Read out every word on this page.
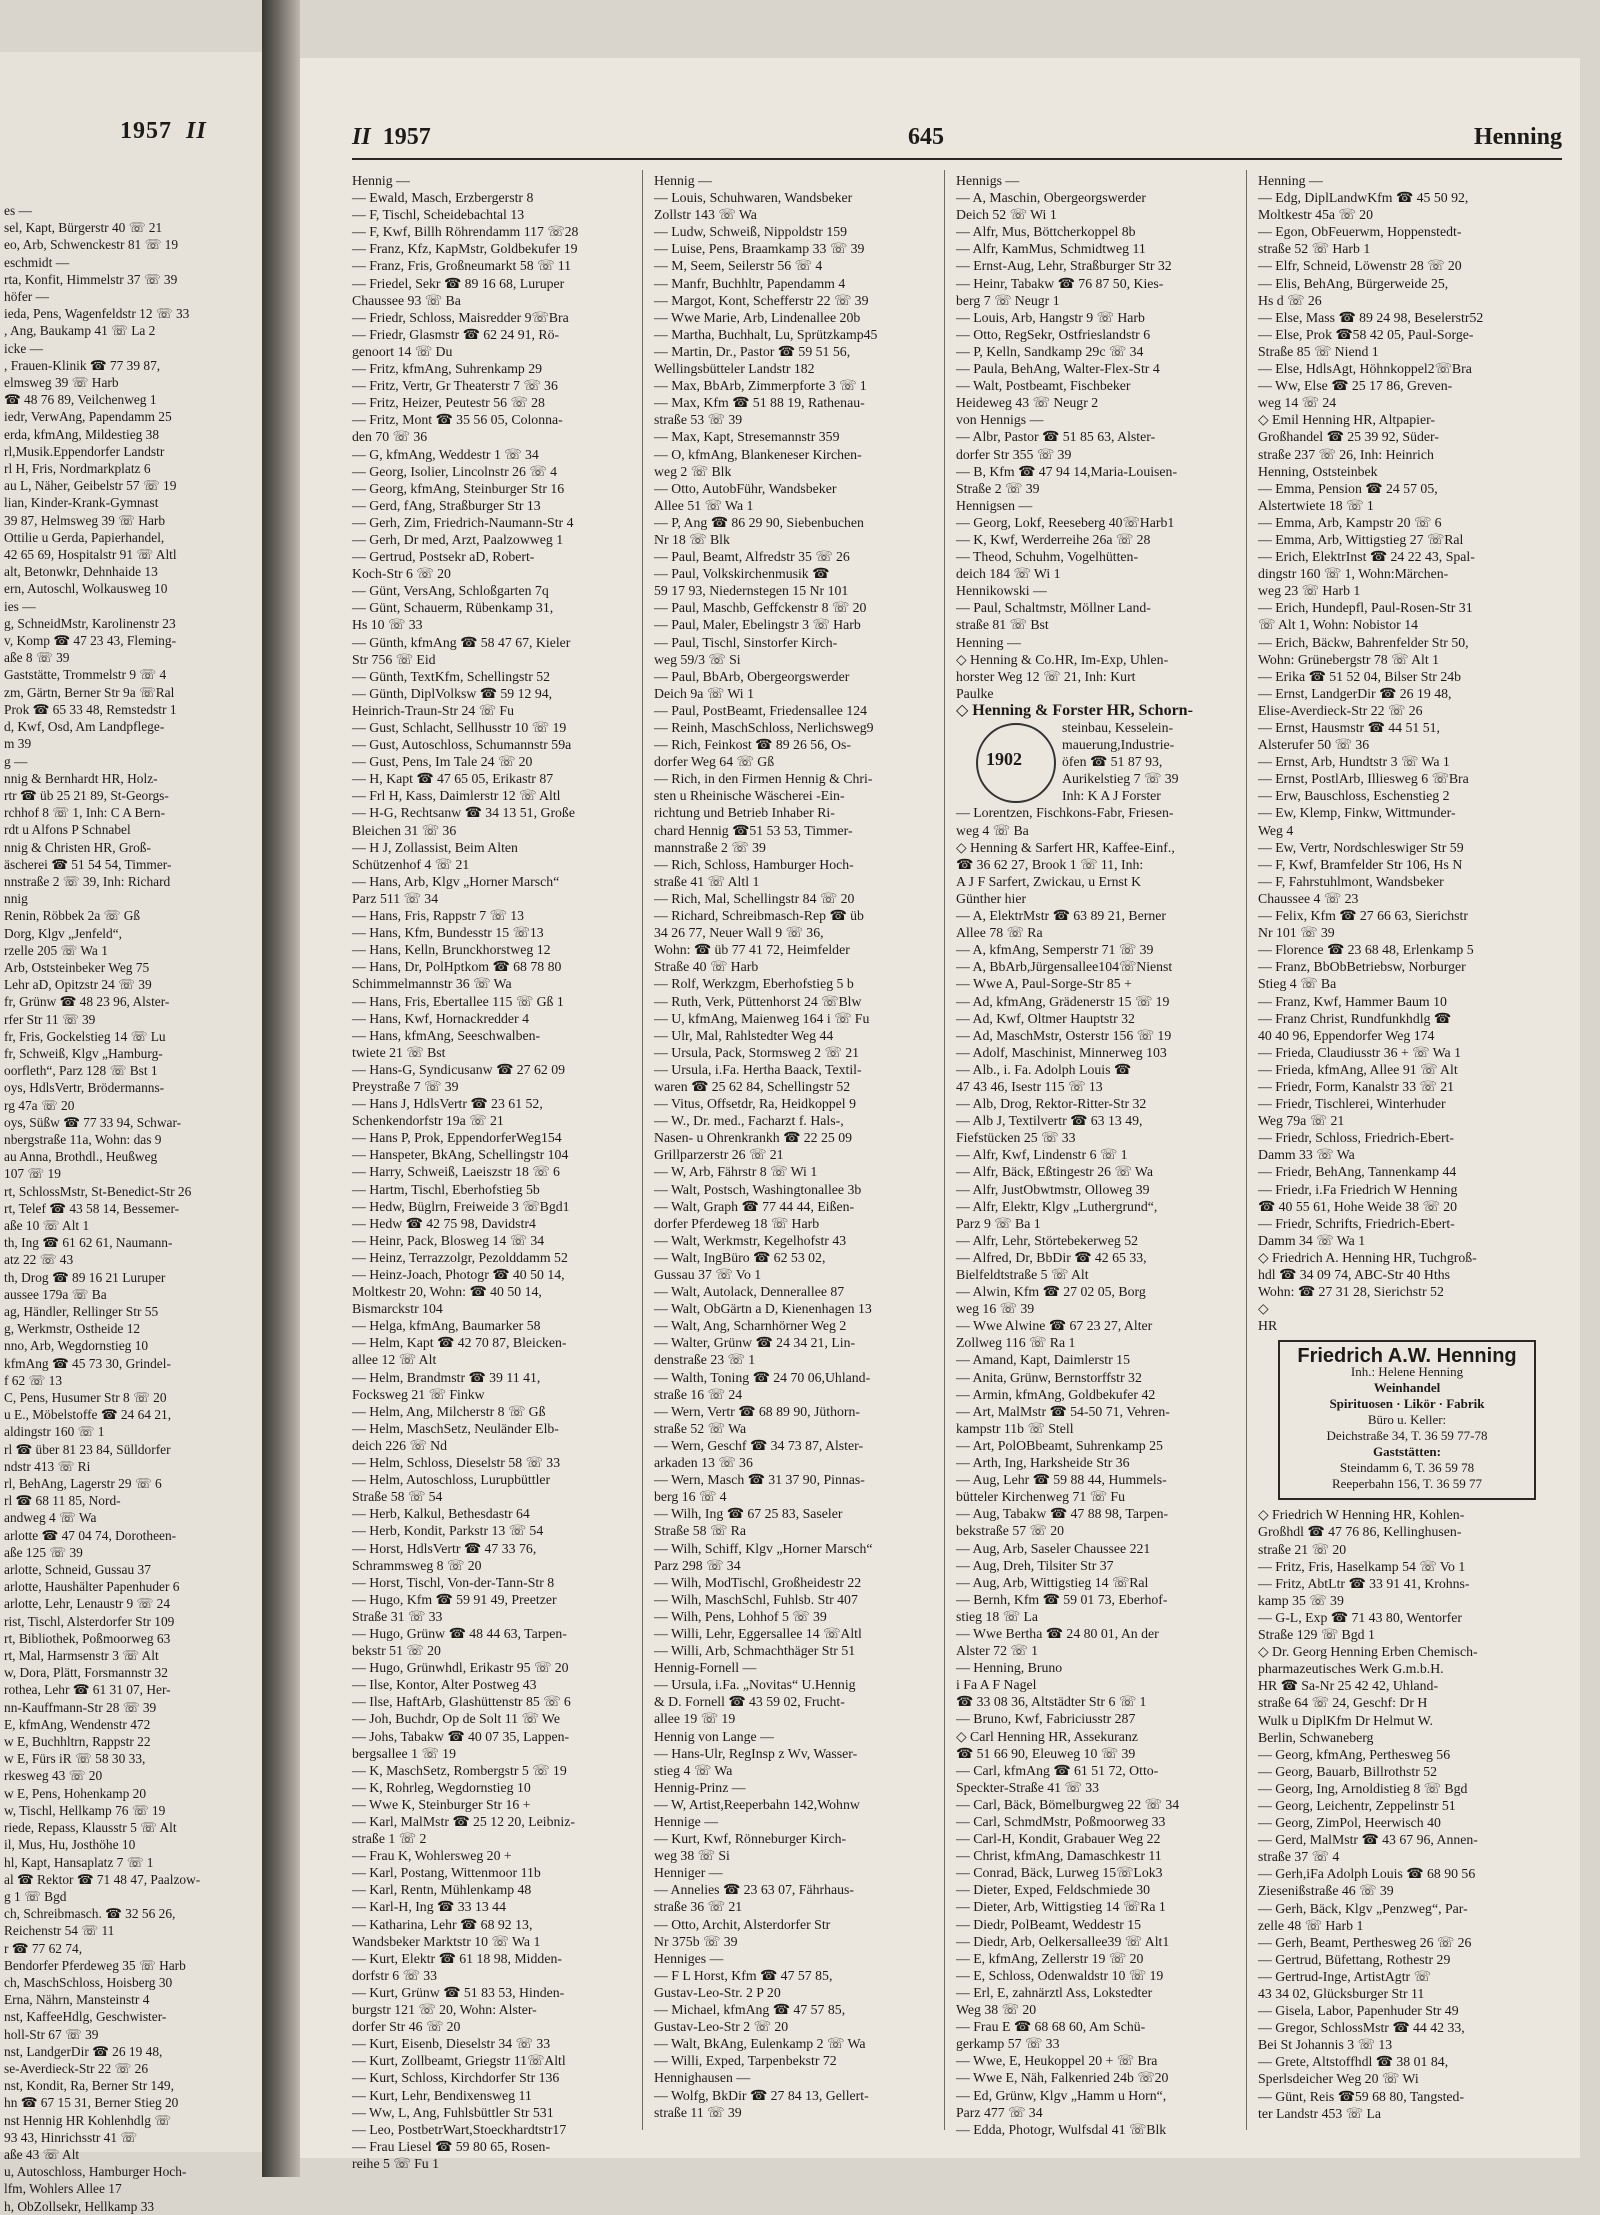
1957 II
es —
sel, Kapt, Bürgerstr 40 ☏ 21
eo, Arb, Schwenckestr 81 ☏ 19
eschmidt —
rta, Konfit, Himmelstr 37 ☏ 39
höfer —
ieda, Pens, Wagenfeldstr 12 ☏ 33
, Ang, Baukamp 41 ☏ La 2
icke —
, Frauen-Klinik ☎ 77 39 87,
elmsweg 39 ☏ Harb
☎ 48 76 89, Veilchenweg 1
iedr, VerwAng, Papendamm 25
erda, kfmAng, Mildestieg 38
rl,Musik.Eppendorfer Landstr
rl H, Fris, Nordmarkplatz 6
au L, Näher, Geibelstr 57 ☏ 19
lian, Kinder-Krank-Gymnast
39 87, Helmsweg 39 ☏ Harb
Ottilie u Gerda, Papierhandel,
42 65 69, Hospitalstr 91 ☏ Altl
alt, Betonwkr, Dehnhaide 13
ern, Autoschl, Wolkausweg 10
ies —
g, SchneidMstr, Karolinenstr 23
v, Komp ☎ 47 23 43, Fleming-
aße 8 ☏ 39
Gaststätte, Trommelstr 9 ☏ 4
zm, Gärtn, Berner Str 9a ☏Ral
Prok ☎ 65 33 48, Remstedstr 1
d, Kwf, Osd, Am Landpflege-
m 39
g —
nnig & Bernhardt HR, Holz-
rtr ☎ üb 25 21 89, St-Georgs-
rchhof 8 ☏ 1, Inh: C A Bern-
rdt u Alfons P Schnabel
nnig & Christen HR, Groß-
äscherei ☎ 51 54 54, Timmer-
nnstraße 2 ☏ 39, Inh: Richard
nnig
Renin, Röbbek 2a ☏ Gß
Dorg, Klgv „Jenfeld“,
rzelle 205 ☏ Wa 1
Arb, Oststeinbeker Weg 75
Lehr aD, Opitzstr 24 ☏ 39
fr, Grünw ☎ 48 23 96, Alster-
rfer Str 11 ☏ 39
fr, Fris, Gockelstieg 14 ☏ Lu
fr, Schweiß, Klgv „Hamburg-
oorfleth“, Parz 128 ☏ Bst 1
oys, HdlsVertr, Brödermanns-
rg 47a ☏ 20
oys, Süßw ☎ 77 33 94, Schwar-
nbergstraße 11a, Wohn: das 9
au Anna, Brothdl., Heußweg
107 ☏ 19
rt, SchlossMstr, St-Benedict-Str 26
rt, Telef ☎ 43 58 14, Bessemer-
aße 10 ☏ Alt 1
th, Ing ☎ 61 62 61, Naumann-
atz 22 ☏ 43
th, Drog ☎ 89 16 21 Luruper
aussee 179a ☏ Ba
ag, Händler, Rellinger Str 55
g, Werkmstr, Ostheide 12
nno, Arb, Wegdornstieg 10
kfmAng ☎ 45 73 30, Grindel-
f 62 ☏ 13
C, Pens, Husumer Str 8 ☏ 20
u E., Möbelstoffe ☎ 24 64 21,
aldingstr 160 ☏ 1
rl ☎ über 81 23 84, Sülldorfer
ndstr 413 ☏ Ri
rl, BehAng, Lagerstr 29 ☏ 6
rl ☎ 68 11 85, Nord-
andweg 4 ☏ Wa
arlotte ☎ 47 04 74, Dorotheen-
aße 125 ☏ 39
arlotte, Schneid, Gussau 37
arlotte, Haushälter Papenhuder 6
arlotte, Lehr, Lenaustr 9 ☏ 24
rist, Tischl, Alsterdorfer Str 109
rt, Bibliothek, Poßmoorweg 63
rt, Mal, Harmsenstr 3 ☏ Alt
w, Dora, Plätt, Forsmannstr 32
rothea, Lehr ☎ 61 31 07, Her-
nn-Kauffmann-Str 28 ☏ 39
E, kfmAng, Wendenstr 472
w E, Buchhltrn, Rappstr 22
w E, Fürs iR ☏ 58 30 33,
rkesweg 43 ☏ 20
w E, Pens, Hohenkamp 20
w, Tischl, Hellkamp 76 ☏ 19
riede, Repass, Klausstr 5 ☏ Alt
il, Mus, Hu, Josthöhe 10
hl, Kapt, Hansaplatz 7 ☏ 1
al ☎ Rektor ☎ 71 48 47, Paalzow-
g 1 ☏ Bgd
ch, Schreibmasch. ☎ 32 56 26,
Reichenstr 54 ☏ 11
r ☎ 77 62 74,
Bendorfer Pferdeweg 35 ☏ Harb
ch, MaschSchloss, Hoisberg 30
Erna, Nährn, Mansteinstr 4
nst, KaffeeHdlg, Geschwister-
holl-Str 67 ☏ 39
nst, LandgerDir ☎ 26 19 48,
se-Averdieck-Str 22 ☏ 26
nst, Kondit, Ra, Berner Str 149,
hn ☎ 67 15 31, Berner Stieg 20
nst Hennig HR Kohlenhdlg ☏
93 43, Hinrichsstr 41 ☏
aße 43 ☏ Alt
u, Autoschloss, Hamburger Hoch-
lfm, Wohlers Allee 17
h, ObZollsekr, Hellkamp 33
II 1957	645	Henning
Hennig —
— Ewald, Masch, Erzbergerstr 8
— F, Tischl, Scheidebachtal 13
— F, Kwf, Billh Röhrendamm 117 ☏28
— Franz, Kfz, KapMstr, Goldbekufer 19
— Franz, Fris, Großneumarkt 58 ☏ 11
— Friedel, Sekr ☎ 89 16 68, Luruper
Chaussee 93 ☏ Ba
— Friedr, Schloss, Maisredder 9☏Bra
— Friedr, Glasmstr ☎ 62 24 91, Rö-
genoort 14 ☏ Du
— Fritz, kfmAng, Suhrenkamp 29
— Fritz, Vertr, Gr Theaterstr 7 ☏ 36
— Fritz, Heizer, Peutestr 56 ☏ 28
— Fritz, Mont ☎ 35 56 05, Colonna-
den 70 ☏ 36
— G, kfmAng, Weddestr 1 ☏ 34
— Georg, Isolier, Lincolnstr 26 ☏ 4
— Georg, kfmAng, Steinburger Str 16
— Gerd, fAng, Straßburger Str 13
— Gerh, Zim, Friedrich-Naumann-Str 4
— Gerh, Dr med, Arzt, Paalzowweg 1
— Gertrud, Postsekr aD, Robert-
Koch-Str 6 ☏ 20
— Günt, VersAng, Schloßgarten 7q
— Günt, Schauerm, Rübenkamp 31,
Hs 10 ☏ 33
— Günth, kfmAng ☎ 58 47 67, Kieler
Str 756 ☏ Eid
— Günth, TextKfm, Schellingstr 52
— Günth, DiplVolksw ☎ 59 12 94,
Heinrich-Traun-Str 24 ☏ Fu
— Gust, Schlacht, Sellhusstr 10 ☏ 19
— Gust, Autoschloss, Schumannstr 59a
— Gust, Pens, Im Tale 24 ☏ 20
— H, Kapt ☎ 47 65 05, Erikastr 87
— Frl H, Kass, Daimlerstr 12 ☏ Altl
— H-G, Rechtsanw ☎ 34 13 51, Große
Bleichen 31 ☏ 36
— H J, Zollassist, Beim Alten
Schützenhof 4 ☏ 21
— Hans, Arb, Klgv „Horner Marsch“
Parz 511 ☏ 34
— Hans, Fris, Rappstr 7 ☏ 13
— Hans, Kfm, Bundesstr 15 ☏13
— Hans, Kelln, Brunckhorstweg 12
— Hans, Dr, PolHptkom ☎ 68 78 80
Schimmelmannstr 36 ☏ Wa
— Hans, Fris, Ebertallee 115 ☏ Gß 1
— Hans, Kwf, Hornackredder 4
— Hans, kfmAng, Seeschwalben-
twiete 21 ☏ Bst
— Hans-G, Syndicusanw ☎ 27 62 09
Preystraße 7 ☏ 39
— Hans J, HdlsVertr ☎ 23 61 52,
Schenkendorfstr 19a ☏ 21
— Hans P, Prok, EppendorferWeg154
— Hanspeter, BkAng, Schellingstr 104
— Harry, Schweiß, Laeiszstr 18 ☏ 6
— Hartm, Tischl, Eberhofstieg 5b
— Hedw, Büglrn, Freiweide 3 ☏Bgd1
— Hedw ☎ 42 75 98, Davidstr4
— Heinr, Pack, Blosweg 14 ☏ 34
— Heinz, Terrazzolgr, Pezolddamm 52
— Heinz-Joach, Photogr ☎ 40 50 14,
Moltkestr 20, Wohn: ☎ 40 50 14,
Bismarckstr 104
— Helga, kfmAng, Baumarker 58
— Helm, Kapt ☎ 42 70 87, Bleicken-
allee 12 ☏ Alt
— Helm, Brandmstr ☎ 39 11 41,
Focksweg 21 ☏ Finkw
— Helm, Ang, Milcherstr 8 ☏ Gß
— Helm, MaschSetz, Neuländer Elb-
deich 226 ☏ Nd
— Helm, Schloss, Dieselstr 58 ☏ 33
— Helm, Autoschloss, Lurupbüttler
Straße 58 ☏ 54
— Herb, Kalkul, Bethesdastr 64
— Herb, Kondit, Parkstr 13 ☏ 54
— Horst, HdlsVertr ☎ 47 33 76,
Schrammsweg 8 ☏ 20
— Horst, Tischl, Von-der-Tann-Str 8
— Hugo, Kfm ☎ 59 91 49, Preetzer
Straße 31 ☏ 33
— Hugo, Grünw ☎ 48 44 63, Tarpen-
bekstr 51 ☏ 20
— Hugo, Grünwhdl, Erikastr 95 ☏ 20
— Ilse, Kontor, Alter Postweg 43
— Ilse, HaftArb, Glashüttenstr 85 ☏ 6
— Joh, Buchdr, Op de Solt 11 ☏ We
— Johs, Tabakw ☎ 40 07 35, Lappen-
bergsallee 1 ☏ 19
— K, MaschSetz, Rombergstr 5 ☏ 19
— K, Rohrleg, Wegdornstieg 10
— Wwe K, Steinburger Str 16 +
— Karl, MalMstr ☎ 25 12 20, Leibniz-
straße 1 ☏ 2
— Frau K, Wohlersweg 20 +
— Karl, Postang, Wittenmoor 11b
— Karl, Rentn, Mühlenkamp 48
— Karl-H, Ing ☎ 33 13 44
— Katharina, Lehr ☎ 68 92 13,
Wandsbeker Marktstr 10 ☏ Wa 1
— Kurt, Elektr ☎ 61 18 98, Midden-
dorfstr 6 ☏ 33
— Kurt, Grünw ☎ 51 83 53, Hinden-
burgstr 121 ☏ 20, Wohn: Alster-
dorfer Str 46 ☏ 20
— Kurt, Eisenb, Dieselstr 34 ☏ 33
— Kurt, Zollbeamt, Griegstr 11☏Altl
— Kurt, Schloss, Kirchdorfer Str 136
— Kurt, Lehr, Bendixensweg 11
— Ww, L, Ang, Fuhlsbüttler Str 531
— Leo, PostbetrWart,Stoeckhardtstr17
— Frau Liesel ☎ 59 80 65, Rosen-
reihe 5 ☏ Fu 1
Hennig —
— Louis, Schuhwaren, Wandsbeker
Zollstr 143 ☏ Wa
— Ludw, Schweiß, Nippoldstr 159
— Luise, Pens, Braamkamp 33 ☏ 39
— M, Seem, Seilerstr 56 ☏ 4
— Manfr, Buchhltr, Papendamm 4
— Margot, Kont, Schefferstr 22 ☏ 39
— Wwe Marie, Arb, Lindenallee 20b
— Martha, Buchhalt, Lu, Sprützkamp45
— Martin, Dr., Pastor ☎ 59 51 56,
Wellingsbütteler Landstr 182
— Max, BbArb, Zimmerpforte 3 ☏ 1
— Max, Kfm ☎ 51 88 19, Rathenau-
straße 53 ☏ 39
— Max, Kapt, Stresemannstr 359
— O, kfmAng, Blankeneser Kirchen-
weg 2 ☏ Blk
— Otto, AutobFühr, Wandsbeker
Allee 51 ☏ Wa 1
— P, Ang ☎ 86 29 90, Siebenbuchen
Nr 18 ☏ Blk
— Paul, Beamt, Alfredstr 35 ☏ 26
— Paul, Volkskirchenmusik ☎
59 17 93, Niedernstegen 15 Nr 101
— Paul, Maschb, Geffckenstr 8 ☏ 20
— Paul, Maler, Ebelingstr 3 ☏ Harb
— Paul, Tischl, Sinstorfer Kirch-
weg 59/3 ☏ Si
— Paul, BbArb, Obergeorgswerder
Deich 9a ☏ Wi 1
— Paul, PostBeamt, Friedensallee 124
— Reinh, MaschSchloss, Nerlichsweg9
— Rich, Feinkost ☎ 89 26 56, Os-
dorfer Weg 64 ☏ Gß
— Rich, in den Firmen Hennig & Chri-
sten u Rheinische Wäscherei -Ein-
richtung und Betrieb Inhaber Ri-
chard Hennig ☎51 53 53, Timmer-
mannstraße 2 ☏ 39
— Rich, Schloss, Hamburger Hoch-
straße 41 ☏ Altl 1
— Rich, Mal, Schellingstr 84 ☏ 20
— Richard, Schreibmasch-Rep ☎ üb
34 26 77, Neuer Wall 9 ☏ 36,
Wohn: ☎ üb 77 41 72, Heimfelder
Straße 40 ☏ Harb
— Rolf, Werkzgm, Eberhofstieg 5 b
— Ruth, Verk, Püttenhorst 24 ☏Blw
— U, kfmAng, Maienweg 164 i ☏ Fu
— Ulr, Mal, Rahlstedter Weg 44
— Ursula, Pack, Stormsweg 2 ☏ 21
— Ursula, i.Fa. Hertha Baack, Textil-
waren ☎ 25 62 84, Schellingstr 52
— Vitus, Offsetdr, Ra, Heidkoppel 9
— W., Dr. med., Facharzt f. Hals-,
Nasen- u Ohrenkrankh ☎ 22 25 09
Grillparzerstr 26 ☏ 21
— W, Arb, Fährstr 8 ☏ Wi 1
— Walt, Postsch, Washingtonallee 3b
— Walt, Graph ☎ 77 44 44, Eißen-
dorfer Pferdeweg 18 ☏ Harb
— Walt, Werkmstr, Kegelhofstr 43
— Walt, IngBüro ☎ 62 53 02,
Gussau 37 ☏ Vo 1
— Walt, Autolack, Dennerallee 87
— Walt, ObGärtn a D, Kienenhagen 13
— Walt, Ang, Scharnhörner Weg 2
— Walter, Grünw ☎ 24 34 21, Lin-
denstraße 23 ☏ 1
— Walth, Toning ☎ 24 70 06,Uhland-
straße 16 ☏ 24
— Wern, Vertr ☎ 68 89 90, Jüthorn-
straße 52 ☏ Wa
— Wern, Geschf ☎ 34 73 87, Alster-
arkaden 13 ☏ 36
— Wern, Masch ☎ 31 37 90, Pinnas-
berg 16 ☏ 4
— Wilh, Ing ☎ 67 25 83, Saseler
Straße 58 ☏ Ra
— Wilh, Schiff, Klgv „Horner Marsch“
Parz 298 ☏ 34
— Wilh, ModTischl, Großheidestr 22
— Wilh, MaschSchl, Fuhlsb. Str 407
— Wilh, Pens, Lohhof 5 ☏ 39
— Willi, Lehr, Eggersallee 14 ☏Altl
— Willi, Arb, Schmachthäger Str 51
Hennig-Fornell —
— Ursula, i.Fa. „Novitas“ U.Hennig
& D. Fornell ☎ 43 59 02, Frucht-
allee 19 ☏ 19
Hennig von Lange —
— Hans-Ulr, RegInsp z Wv, Wasser-
stieg 4 ☏ Wa
Hennig-Prinz —
— W, Artist,Reeperbahn 142,Wohnw
Hennige —
— Kurt, Kwf, Rönneburger Kirch-
weg 38 ☏ Si
Henniger —
— Annelies ☎ 23 63 07, Fährhaus-
straße 36 ☏ 21
— Otto, Archit, Alsterdorfer Str
Nr 375b ☏ 39
Henniges —
— F L Horst, Kfm ☎ 47 57 85,
Gustav-Leo-Str. 2 P 20
— Michael, kfmAng ☎ 47 57 85,
Gustav-Leo-Str 2 ☏ 20
— Walt, BkAng, Eulenkamp 2 ☏ Wa
— Willi, Exped, Tarpenbekstr 72
Hennighausen —
— Wolfg, BkDir ☎ 27 84 13, Gellert-
straße 11 ☏ 39
Hennigs —
— A, Maschin, Obergeorgswerder
Deich 52 ☏ Wi 1
— Alfr, Mus, Böttcherkoppel 8b
— Alfr, KamMus, Schmidtweg 11
— Ernst-Aug, Lehr, Straßburger Str 32
— Heinr, Tabakw ☎ 76 87 50, Kies-
berg 7 ☏ Neugr 1
— Louis, Arb, Hangstr 9 ☏ Harb
— Otto, RegSekr, Ostfrieslandstr 6
— P, Kelln, Sandkamp 29c ☏ 34
— Paula, BehAng, Walter-Flex-Str 4
— Walt, Postbeamt, Fischbeker
Heideweg 43 ☏ Neugr 2
von Hennigs —
— Albr, Pastor ☎ 51 85 63, Alster-
dorfer Str 355 ☏ 39
— B, Kfm ☎ 47 94 14,Maria-Louisen-
Straße 2 ☏ 39
Hennigsen —
— Georg, Lokf, Reeseberg 40☏Harb1
— K, Kwf, Werderreihe 26a ☏ 28
— Theod, Schuhm, Vogelhütten-
deich 184 ☏ Wi 1
Hennikowski —
— Paul, Schaltmstr, Möllner Land-
straße 81 ☏ Bst
Henning —
◇ Henning & Co.HR, Im-Exp, Uhlen-
horster Weg 12 ☏ 21, Inh: Kurt
Paulke
◇ Henning & Forster HR, Schorn-
1902
steinbau, Kesselein-
mauerung,Industrie-
öfen ☎ 51 87 93,
Aurikelstieg 7 ☏ 39
Inh: K A J Forster
— Lorentzen, Fischkons-Fabr, Friesen-
weg 4 ☏ Ba
◇ Henning & Sarfert HR, Kaffee-Einf.,
☎ 36 62 27, Brook 1 ☏ 11, Inh:
A J F Sarfert, Zwickau, u Ernst K
Günther hier
— A, ElektrMstr ☎ 63 89 21, Berner
Allee 78 ☏ Ra
— A, kfmAng, Semperstr 71 ☏ 39
— A, BbArb,Jürgensallee104☏Nienst
— Wwe A, Paul-Sorge-Str 85 +
— Ad, kfmAng, Grädenerstr 15 ☏ 19
— Ad, Kwf, Oltmer Hauptstr 32
— Ad, MaschMstr, Osterstr 156 ☏ 19
— Adolf, Maschinist, Minnerweg 103
— Alb., i. Fa. Adolph Louis ☎
47 43 46, Isestr 115 ☏ 13
— Alb, Drog, Rektor-Ritter-Str 32
— Alb J, Textilvertr ☎ 63 13 49,
Fiefstücken 25 ☏ 33
— Alfr, Kwf, Lindenstr 6 ☏ 1
— Alfr, Bäck, Eßtingestr 26 ☏ Wa
— Alfr, JustObwtmstr, Olloweg 39
— Alfr, Elektr, Klgv „Luthergrund“,
Parz 9 ☏ Ba 1
— Alfr, Lehr, Störtebekerweg 52
— Alfred, Dr, BbDir ☎ 42 65 33,
Bielfeldtstraße 5 ☏ Alt
— Alwin, Kfm ☎ 27 02 05, Borg
weg 16 ☏ 39
— Wwe Alwine ☎ 67 23 27, Alter
Zollweg 116 ☏ Ra 1
— Amand, Kapt, Daimlerstr 15
— Anita, Grünw, Bernstorffstr 32
— Armin, kfmAng, Goldbekufer 42
— Art, MalMstr ☎ 54-50 71, Vehren-
kampstr 11b ☏ Stell
— Art, PolOBbeamt, Suhrenkamp 25
— Arth, Ing, Harksheide Str 36
— Aug, Lehr ☎ 59 88 44, Hummels-
bütteler Kirchenweg 71 ☏ Fu
— Aug, Tabakw ☎ 47 88 98, Tarpen-
bekstraße 57 ☏ 20
— Aug, Arb, Saseler Chaussee 221
— Aug, Dreh, Tilsiter Str 37
— Aug, Arb, Wittigstieg 14 ☏Ral
— Bernh, Kfm ☎ 59 01 73, Eberhof-
stieg 18 ☏ La
— Wwe Bertha ☎ 24 80 01, An der
Alster 72 ☏ 1
— Henning, Bruno
i Fa A F Nagel
☎ 33 08 36, Altstädter Str 6 ☏ 1
— Bruno, Kwf, Fabriciusstr 287
◇ Carl Henning HR, Assekuranz
☎ 51 66 90, Eleuweg 10 ☏ 39
— Carl, kfmAng ☎ 61 51 72, Otto-
Speckter-Straße 41 ☏ 33
— Carl, Bäck, Bömelburgweg 22 ☏ 34
— Carl, SchmdMstr, Poßmoorweg 33
— Carl-H, Kondit, Grabauer Weg 22
— Christ, kfmAng, Damaschkestr 11
— Conrad, Bäck, Lurweg 15☏Lok3
— Dieter, Exped, Feldschmiede 30
— Dieter, Arb, Wittigstieg 14 ☏Ra 1
— Diedr, PolBeamt, Weddestr 15
— Diedr, Arb, Oelkersallee39 ☏ Alt1
— E, kfmAng, Zellerstr 19 ☏ 20
— E, Schloss, Odenwaldstr 10 ☏ 19
— Erl, E, zahnärztl Ass, Lokstedter
Weg 38 ☏ 20
— Frau E ☎ 68 68 60, Am Schü-
gerkamp 57 ☏ 33
— Wwe, E, Heukoppel 20 + ☏ Bra
— Wwe E, Näh, Falkenried 24b ☏20
— Ed, Grünw, Klgv „Hamm u Horn“,
Parz 477 ☏ 34
— Edda, Photogr, Wulfsdal 41 ☏Blk
Henning —
— Edg, DiplLandwKfm ☎ 45 50 92,
Moltkestr 45a ☏ 20
— Egon, ObFeuerwm, Hoppenstedt-
straße 52 ☏ Harb 1
— Elfr, Schneid, Löwenstr 28 ☏ 20
— Elis, BehAng, Bürgerweide 25,
Hs d ☏ 26
— Else, Mass ☎ 89 24 98, Beselerstr52
— Else, Prok ☎58 42 05, Paul-Sorge-
Straße 85 ☏ Niend 1
— Else, HdlsAgt, Höhnkoppel2☏Bra
— Ww, Else ☎ 25 17 86, Greven-
weg 14 ☏ 24
◇ Emil Henning HR, Altpapier-
Großhandel ☎ 25 39 92, Süder-
straße 237 ☏ 26, Inh: Heinrich
Henning, Oststeinbek
— Emma, Pension ☎ 24 57 05,
Alstertwiete 18 ☏ 1
— Emma, Arb, Kampstr 20 ☏ 6
— Emma, Arb, Wittigstieg 27 ☏Ral
— Erich, ElektrInst ☎ 24 22 43, Spal-
dingstr 160 ☏ 1, Wohn:Märchen-
weg 23 ☏ Harb 1
— Erich, Hundepfl, Paul-Rosen-Str 31
☏ Alt 1, Wohn: Nobistor 14
— Erich, Bäckw, Bahrenfelder Str 50,
Wohn: Grünebergstr 78 ☏ Alt 1
— Erika ☎ 51 52 04, Bilser Str 24b
— Ernst, LandgerDir ☎ 26 19 48,
Elise-Averdieck-Str 22 ☏ 26
— Ernst, Hausmstr ☎ 44 51 51,
Alsterufer 50 ☏ 36
— Ernst, Arb, Hundtstr 3 ☏ Wa 1
— Ernst, PostlArb, Illiesweg 6 ☏Bra
— Erw, Bauschloss, Eschenstieg 2
— Ew, Klemp, Finkw, Wittmunder-
Weg 4
— Ew, Vertr, Nordschleswiger Str 59
— F, Kwf, Bramfelder Str 106, Hs N
— F, Fahrstuhlmont, Wandsbeker
Chaussee 4 ☏ 23
— Felix, Kfm ☎ 27 66 63, Sierichstr
Nr 101 ☏ 39
— Florence ☎ 23 68 48, Erlenkamp 5
— Franz, BbObBetriebsw, Norburger
Stieg 4 ☏ Ba
— Franz, Kwf, Hammer Baum 10
— Franz Christ, Rundfunkhdlg ☎
40 40 96, Eppendorfer Weg 174
— Frieda, Claudiusstr 36 + ☏ Wa 1
— Frieda, kfmAng, Allee 91 ☏ Alt
— Friedr, Form, Kanalstr 33 ☏ 21
— Friedr, Tischlerei, Winterhuder
Weg 79a ☏ 21
— Friedr, Schloss, Friedrich-Ebert-
Damm 33 ☏ Wa
— Friedr, BehAng, Tannenkamp 44
— Friedr, i.Fa Friedrich W Henning
☎ 40 55 61, Hohe Weide 38 ☏ 20
— Friedr, Schrifts, Friedrich-Ebert-
Damm 34 ☏ Wa 1
◇ Friedrich A. Henning HR, Tuchgroß-
hdl ☎ 34 09 74, ABC-Str 40 Hths
Wohn: ☎ 27 31 28, Sierichstr 52
◇
HR
Friedrich A.W. Henning
Inh.: Helene Henning
Weinhandel
Spirituosen · Likör · Fabrik
Büro u. Keller:
Deichstraße 34, T. 36 59 77-78
Gaststätten:
Steindamm 6, T. 36 59 78
Reeperbahn 156, T. 36 59 77
◇ Friedrich W Henning HR, Kohlen-
Großhdl ☎ 47 76 86, Kellinghusen-
straße 21 ☏ 20
— Fritz, Fris, Haselkamp 54 ☏ Vo 1
— Fritz, AbtLtr ☎ 33 91 41, Krohns-
kamp 35 ☏ 39
— G-L, Exp ☎ 71 43 80, Wentorfer
Straße 129 ☏ Bgd 1
◇ Dr. Georg Henning Erben Chemisch-
pharmazeutisches Werk G.m.b.H.
HR ☎ Sa-Nr 25 42 42, Uhland-
straße 64 ☏ 24, Geschf: Dr H
Wulk u DiplKfm Dr Helmut W.
Berlin, Schwaneberg
— Georg, kfmAng, Perthesweg 56
— Georg, Bauarb, Billrothstr 52
— Georg, Ing, Arnoldistieg 8 ☏ Bgd
— Georg, Leichentr, Zeppelinstr 51
— Georg, ZimPol, Heerwisch 40
— Gerd, MalMstr ☎ 43 67 96, Annen-
straße 37 ☏ 4
— Gerh,iFa Adolph Louis ☎ 68 90 56
Ziesenißstraße 46 ☏ 39
— Gerh, Bäck, Klgv „Penzweg“, Par-
zelle 48 ☏ Harb 1
— Gerh, Beamt, Perthesweg 26 ☏ 26
— Gertrud, Büfettang, Rothestr 29
— Gertrud-Inge, ArtistAgtr ☏
43 34 02, Glücksburger Str 11
— Gisela, Labor, Papenhuder Str 49
— Gregor, SchlossMstr ☎ 44 42 33,
Bei St Johannis 3 ☏ 13
— Grete, Altstoffhdl ☎ 38 01 84,
Sperlsdeicher Weg 20 ☏ Wi
— Günt, Reis ☎59 68 80, Tangsted-
ter Landstr 453 ☏ La
